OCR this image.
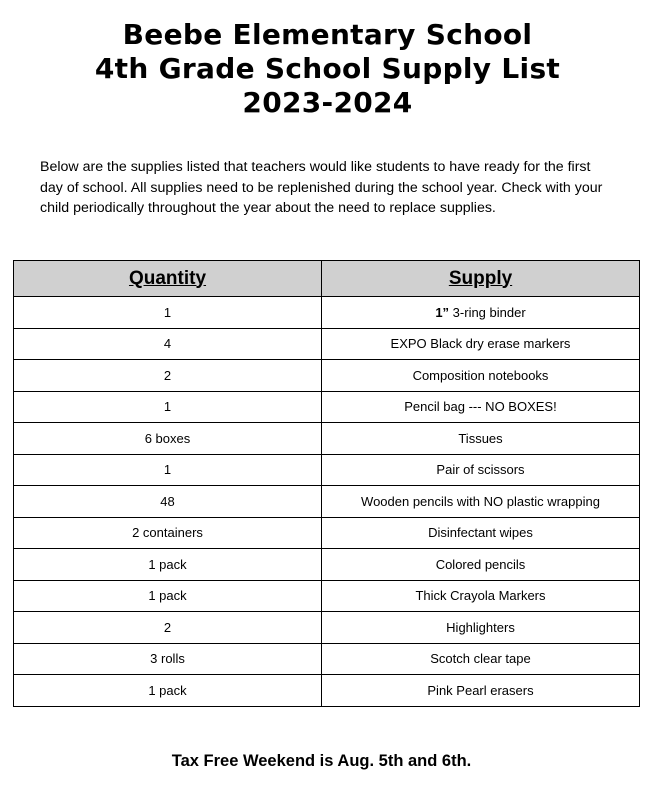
Beebe Elementary School
4th Grade School Supply List
2023-2024

Below are the supplies listed that teachers would like students to have ready for the first day of school. All supplies need to be replenished during the school year. Check with your child periodically throughout the year about the need to replace supplies.

Quantity	Supply
1	1” 3-ring binder
4	EXPO Black dry erase markers
2	Composition notebooks
1	Pencil bag --- NO BOXES!
6 boxes	Tissues
1	Pair of scissors
48	Wooden pencils with NO plastic wrapping
2 containers	Disinfectant wipes
1 pack	Colored pencils
1 pack	Thick Crayola Markers
2	Highlighters
3 rolls	Scotch clear tape
1 pack	Pink Pearl erasers
Tax Free Weekend is Aug. 5th and 6th.
